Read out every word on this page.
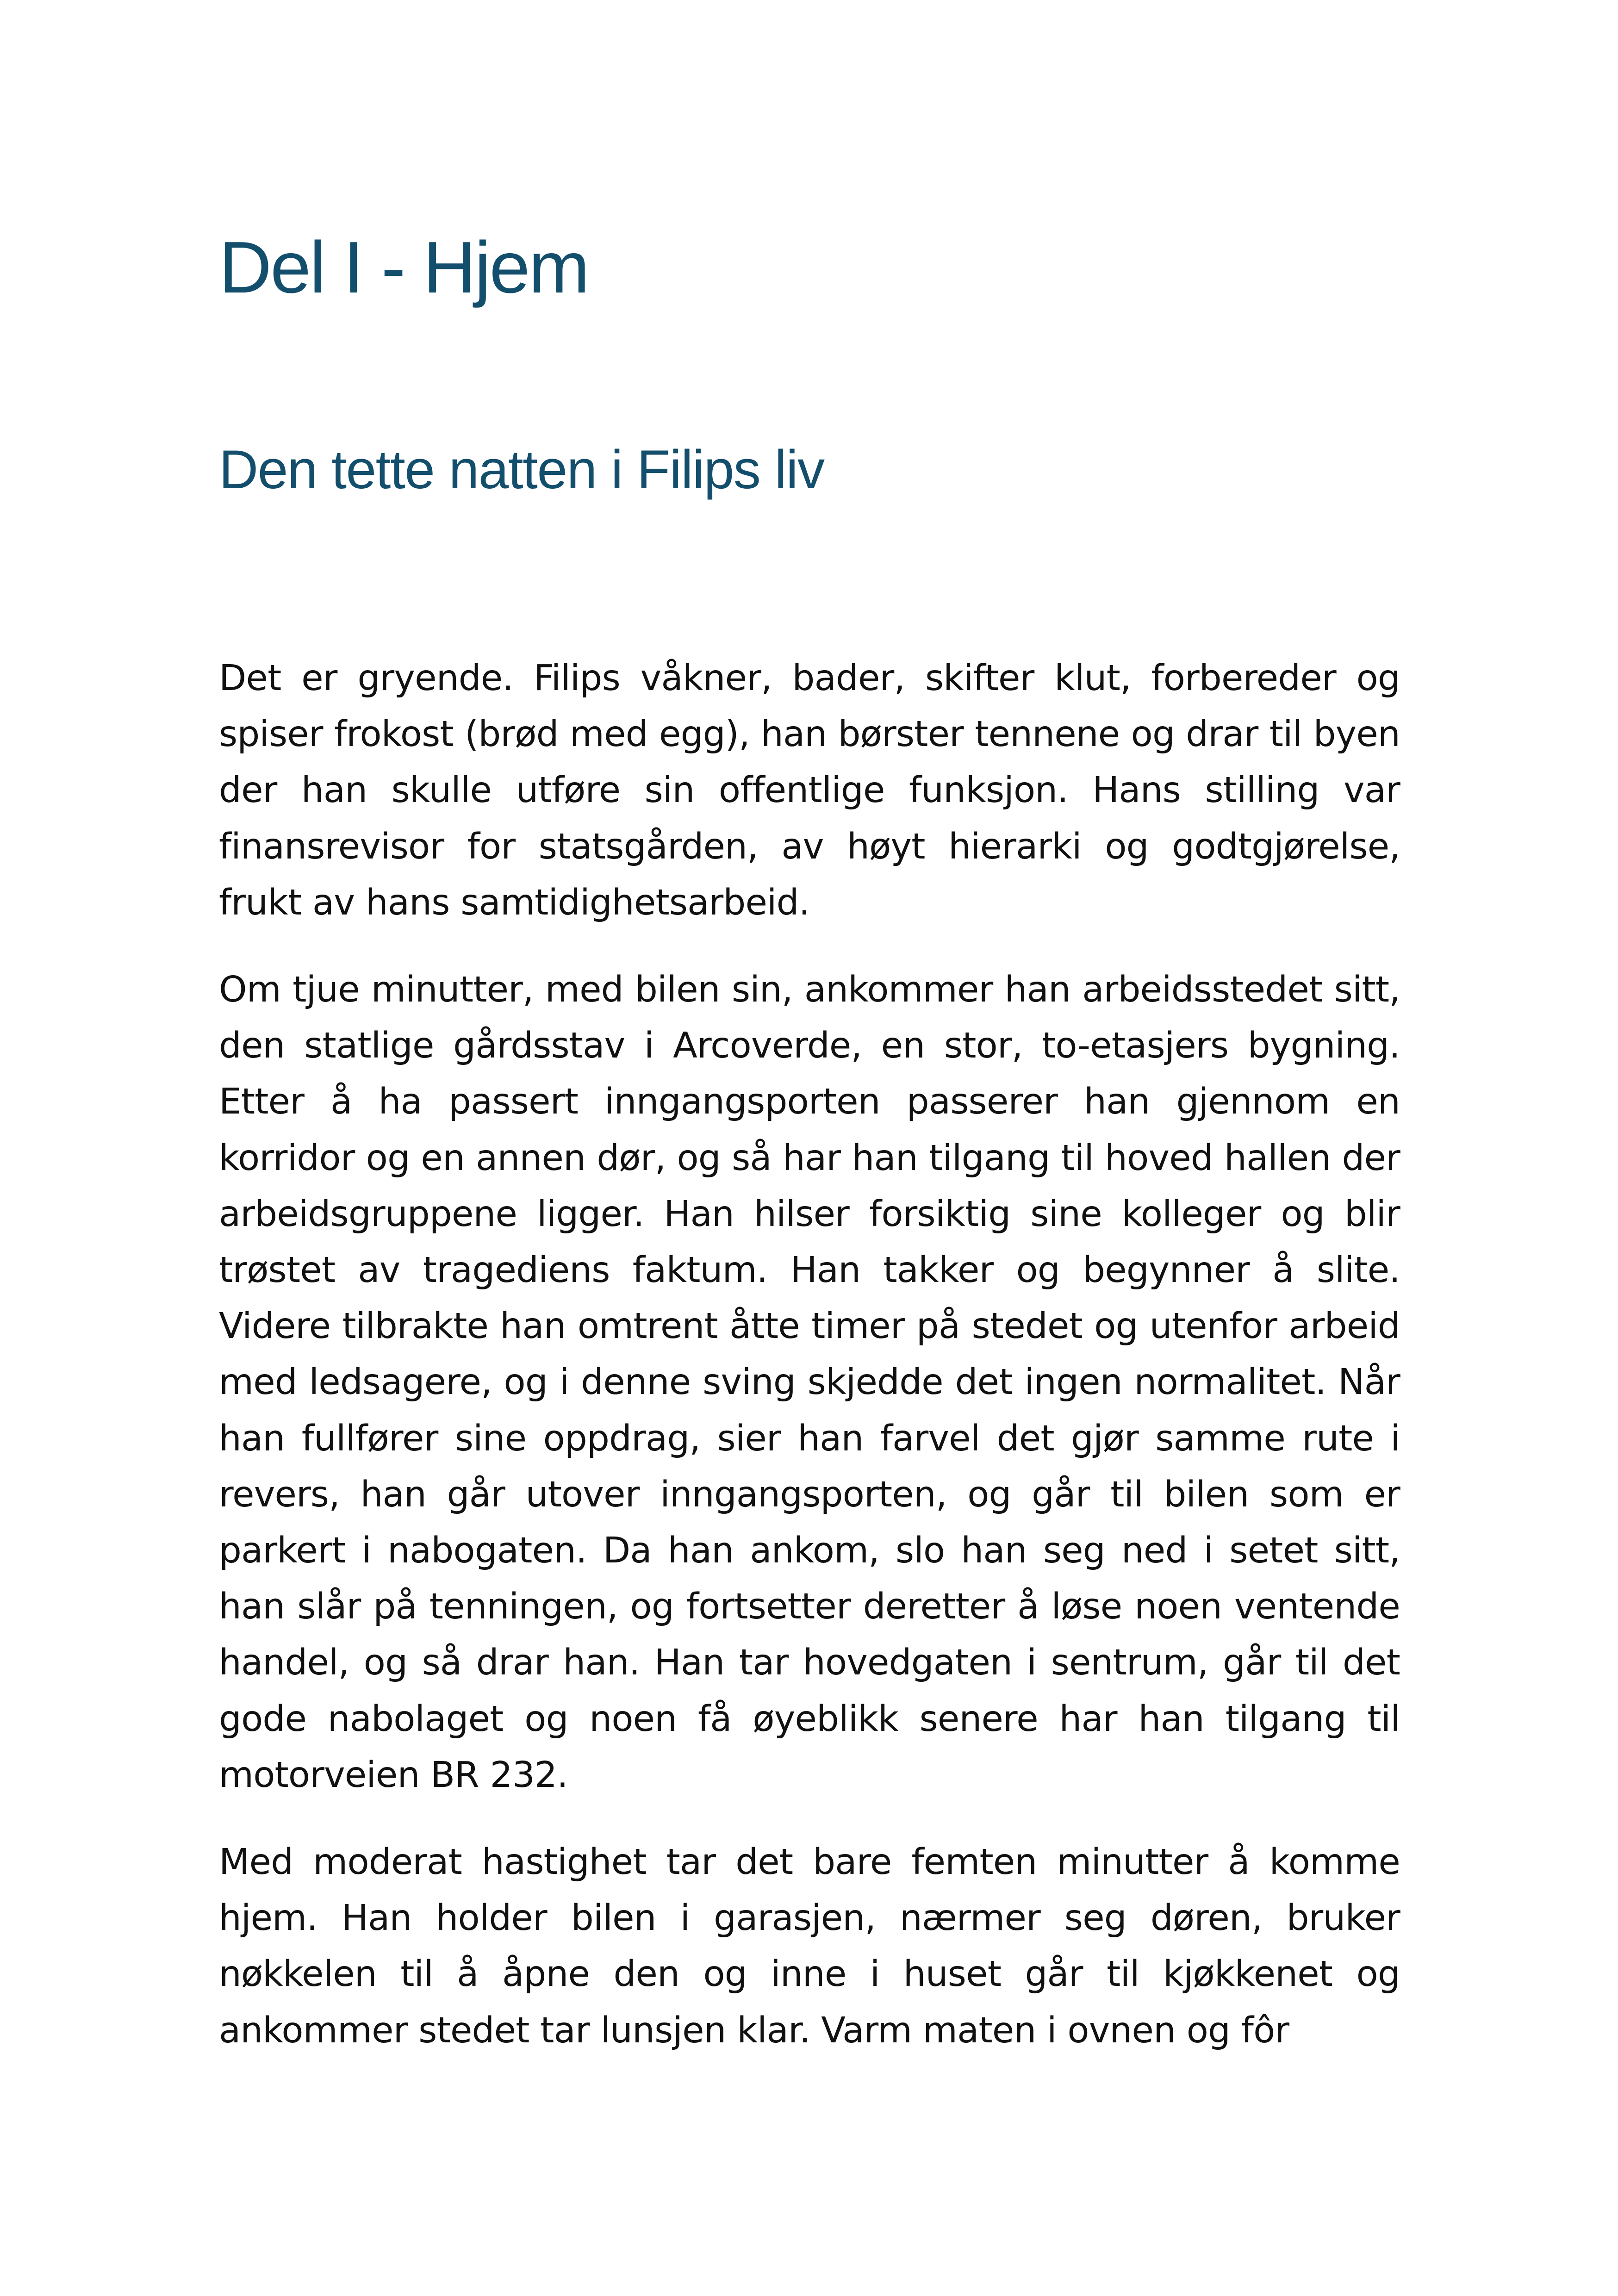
Del I - Hjem
Den tette natten i Filips liv

Det er gryende. Filips våkner, bader, skifter klut, forbereder og spiser frokost (brød med egg), han børster tennene og drar til byen der han skulle utføre sin offentlige funksjon. Hans stilling var finansrevisor for statsgården, av høyt hierarki og godtgjørelse, frukt av hans samtidighetsarbeid.

Om tjue minutter, med bilen sin, ankommer han arbeidsstedet sitt, den statlige gårdsstav i Arcoverde, en stor, to-etasjers bygning. Etter å ha passert inngangsporten passerer han gjennom en korridor og en annen dør, og så har han tilgang til hoved hallen der arbeidsgruppene ligger. Han hilser forsiktig sine kolleger og blir trøstet av tragediens faktum. Han takker og begynner å slite. Videre tilbrakte han omtrent åtte timer på stedet og utenfor arbeid med ledsagere, og i denne sving skjedde det ingen normalitet. Når han fullfører sine oppdrag, sier han farvel det gjør samme rute i revers, han går utover inngangsporten, og går til bilen som er parkert i nabogaten. Da han ankom, slo han seg ned i setet sitt, han slår på tenningen, og fortsetter deretter å løse noen ventende handel, og så drar han. Han tar hovedgaten i sentrum, går til det gode nabolaget og noen få øyeblikk senere har han tilgang til motorveien BR 232.

Med moderat hastighet tar det bare femten minutter å komme hjem. Han holder bilen i garasjen, nærmer seg døren, bruker nøkkelen til å åpne den og inne i huset går til kjøkkenet og ankommer stedet tar lunsjen klar. Varm maten i ovnen og fôr
